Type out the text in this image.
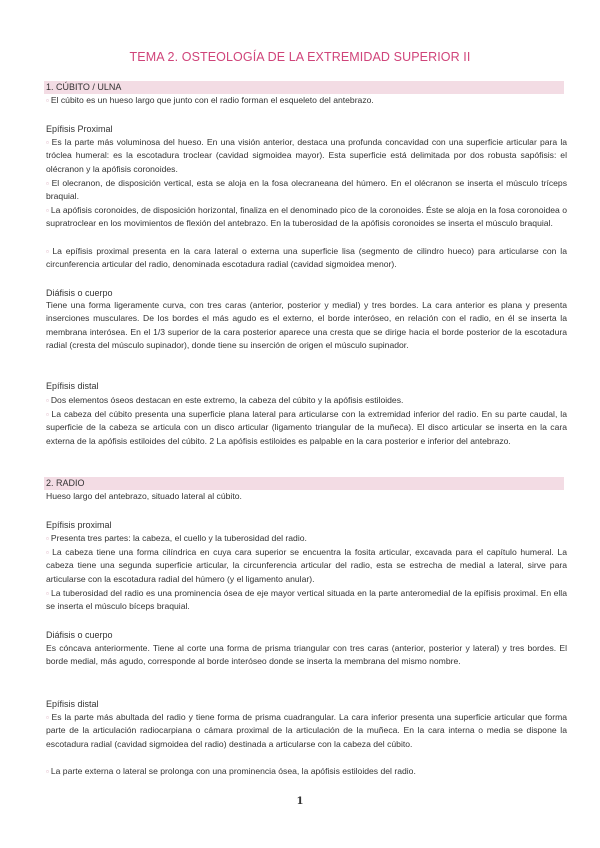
TEMA 2. OSTEOLOGÍA DE LA EXTREMIDAD SUPERIOR II
1. CÚBITO / ULNA
▫ El cúbito es un hueso largo que junto con el radio forman el esqueleto del antebrazo.
Epífisis Proximal
▫ Es la parte más voluminosa del hueso. En una visión anterior, destaca una profunda concavidad con una superficie articular para la tróclea humeral: es la escotadura troclear (cavidad sigmoidea mayor). Esta superficie está delimitada por dos robusta sapófisis: el olécranon y la apófisis coronoides.
▫ El olecranon, de disposición vertical, esta se aloja en la fosa olecraneana del húmero. En el olécranon se inserta el músculo tríceps braquial.
▫ La apófisis coronoides, de disposición horizontal, finaliza en el denominado pico de la coronoides. Éste se aloja en la fosa coronoidea o supratroclear en los movimientos de flexión del antebrazo. En la tuberosidad de la apófisis coronoides se inserta el músculo braquial.
▫ La epífisis proximal presenta en la cara lateral o externa una superficie lisa (segmento de cilindro hueco) para articularse con la circunferencia articular del radio, denominada escotadura radial (cavidad sigmoidea menor).
Diáfisis o cuerpo
Tiene una forma ligeramente curva, con tres caras (anterior, posterior y medial) y tres bordes. La cara anterior es plana y presenta inserciones musculares. De los bordes el más agudo es el externo, el borde interóseo, en relación con el radio, en él se inserta la membrana interósea. En el 1/3 superior de la cara posterior aparece una cresta que se dirige hacia el borde posterior de la escotadura radial (cresta del músculo supinador), donde tiene su inserción de origen el músculo supinador.
Epífisis distal
▫ Dos elementos óseos destacan en este extremo, la cabeza del cúbito y la apófisis estiloides.
▫ La cabeza del cúbito presenta una superficie plana lateral para articularse con la extremidad inferior del radio. En su parte caudal, la superficie de la cabeza se articula con un disco articular (ligamento triangular de la muñeca). El disco articular se inserta en la cara externa de la apófisis estiloides del cúbito. 2 La apófisis estiloides es palpable en la cara posterior e inferior del antebrazo.
2. RADIO
Hueso largo del antebrazo, situado lateral al cúbito.
Epífisis proximal
▫ Presenta tres partes: la cabeza, el cuello y la tuberosidad del radio.
▫ La cabeza tiene una forma cilíndrica en cuya cara superior se encuentra la fosita articular, excavada para el capítulo humeral. La cabeza tiene una segunda superficie articular, la circunferencia articular del radio, esta se estrecha de medial a lateral, sirve para articularse con la escotadura radial del húmero (y el ligamento anular).
▫ La tuberosidad del radio es una prominencia ósea de eje mayor vertical situada en la parte anteromedial de la epífisis proximal. En ella se inserta el músculo bíceps braquial.
Diáfisis o cuerpo
Es cóncava anteriormente. Tiene al corte una forma de prisma triangular con tres caras (anterior, posterior y lateral) y tres bordes. El borde medial, más agudo, corresponde al borde interóseo donde se inserta la membrana del mismo nombre.
Epífisis distal
▫ Es la parte más abultada del radio y tiene forma de prisma cuadrangular. La cara inferior presenta una superficie articular que forma parte de la articulación radiocarpiana o cámara proximal de la articulación de la muñeca. En la cara interna o media se dispone la escotadura radial (cavidad sigmoidea del radio) destinada a articularse con la cabeza del cúbito.
▫ La parte externa o lateral se prolonga con una prominencia ósea, la apófisis estiloides del radio.
1
